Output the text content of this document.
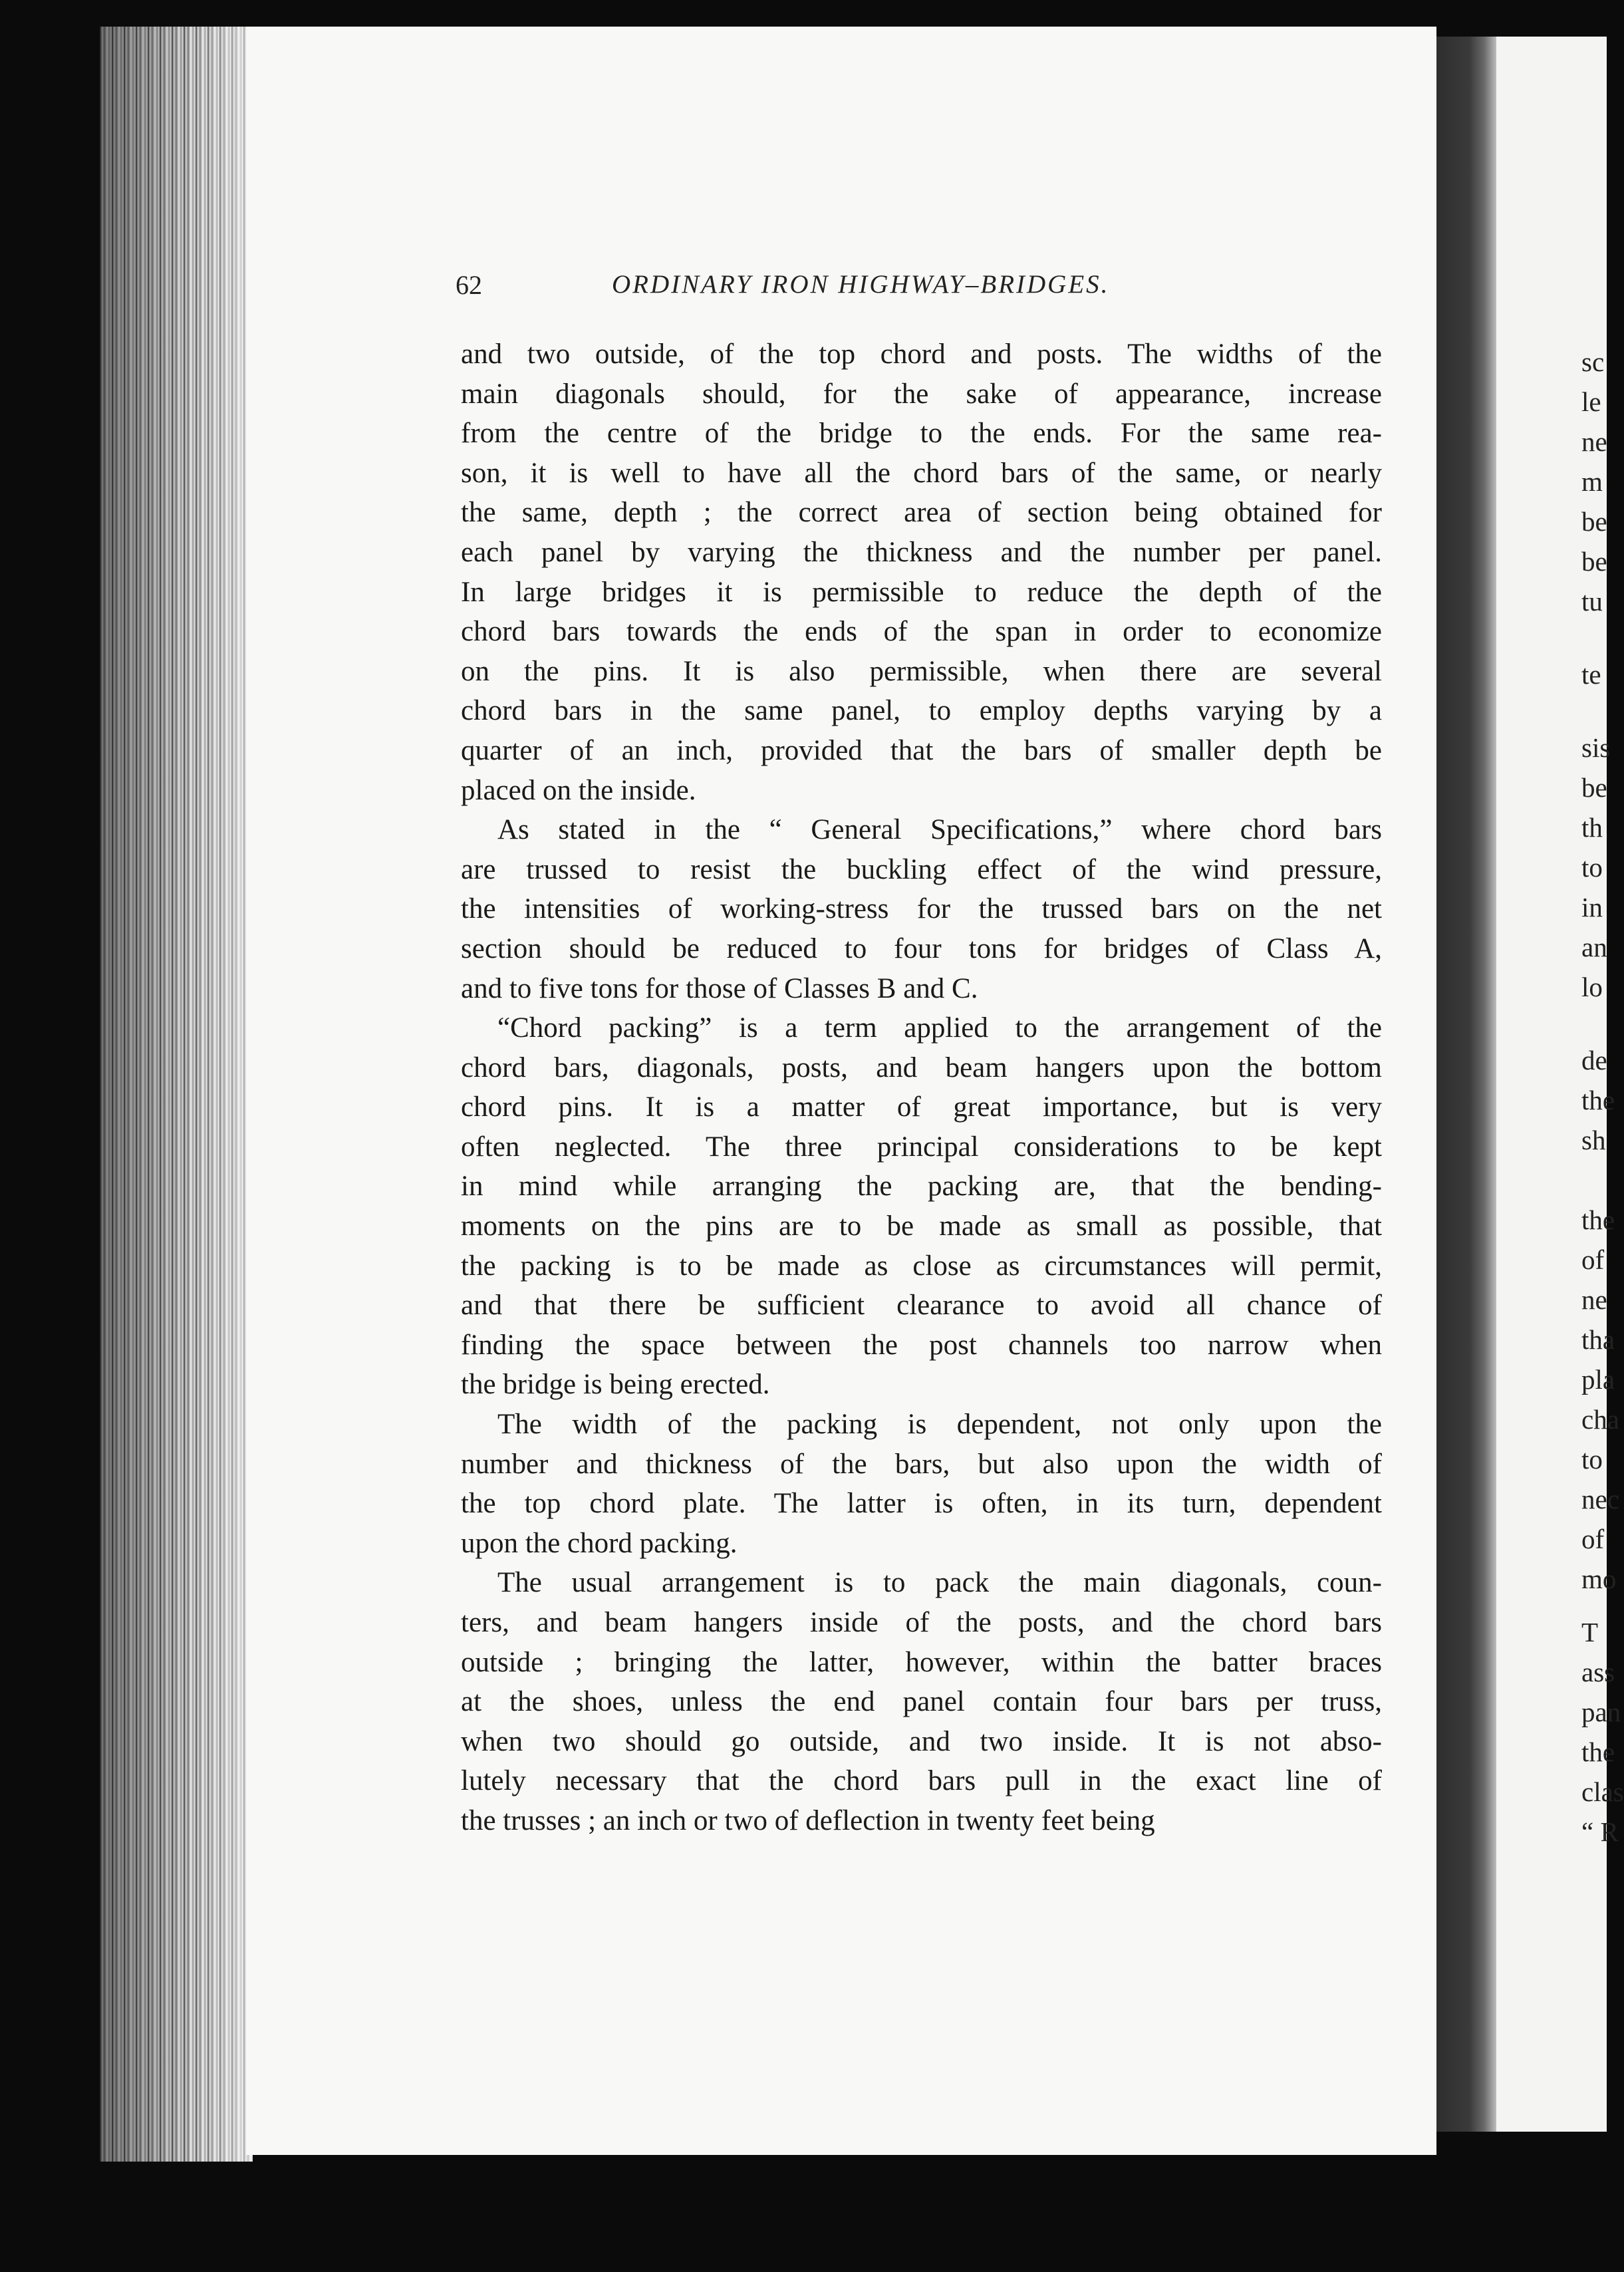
62	ORDINARY IRON HIGHWAY–BRIDGES.
and two outside, of the top chord and posts. The widths of the
main diagonals should, for the sake of appearance, increase
from the centre of the bridge to the ends. For the same rea-
son, it is well to have all the chord bars of the same, or nearly
the same, depth ; the correct area of section being obtained for
each panel by varying the thickness and the number per panel.
In large bridges it is permissible to reduce the depth of the
chord bars towards the ends of the span in order to economize
on the pins. It is also permissible, when there are several
chord bars in the same panel, to employ depths varying by a
quarter of an inch, provided that the bars of smaller depth be
placed on the inside.
As stated in the “ General Specifications,” where chord bars
are trussed to resist the buckling effect of the wind pressure,
the intensities of working-stress for the trussed bars on the net
section should be reduced to four tons for bridges of Class A,
and to five tons for those of Classes B and C.
“Chord packing” is a term applied to the arrangement of the
chord bars, diagonals, posts, and beam hangers upon the bottom
chord pins. It is a matter of great importance, but is very
often neglected. The three principal considerations to be kept
in mind while arranging the packing are, that the bending-
moments on the pins are to be made as small as possible, that
the packing is to be made as close as circumstances will permit,
and that there be sufficient clearance to avoid all chance of
finding the space between the post channels too narrow when
the bridge is being erected.
The width of the packing is dependent, not only upon the
number and thickness of the bars, but also upon the width of
the top chord plate. The latter is often, in its turn, dependent
upon the chord packing.
The usual arrangement is to pack the main diagonals, coun-
ters, and beam hangers inside of the posts, and the chord bars
outside ; bringing the latter, however, within the batter braces
at the shoes, unless the end panel contain four bars per truss,
when two should go outside, and two inside. It is not abso-
lutely necessary that the chord bars pull in the exact line of
the trusses ; an inch or two of deflection in twenty feet being
sc
le
ne
m
be
be
tu
te
sis
be
th
to
in
an
lo
de
the
sh
the
of
ne
tha
pla
cha
to
nec
of
mo
T
ass
pan
the
clas
“ R
